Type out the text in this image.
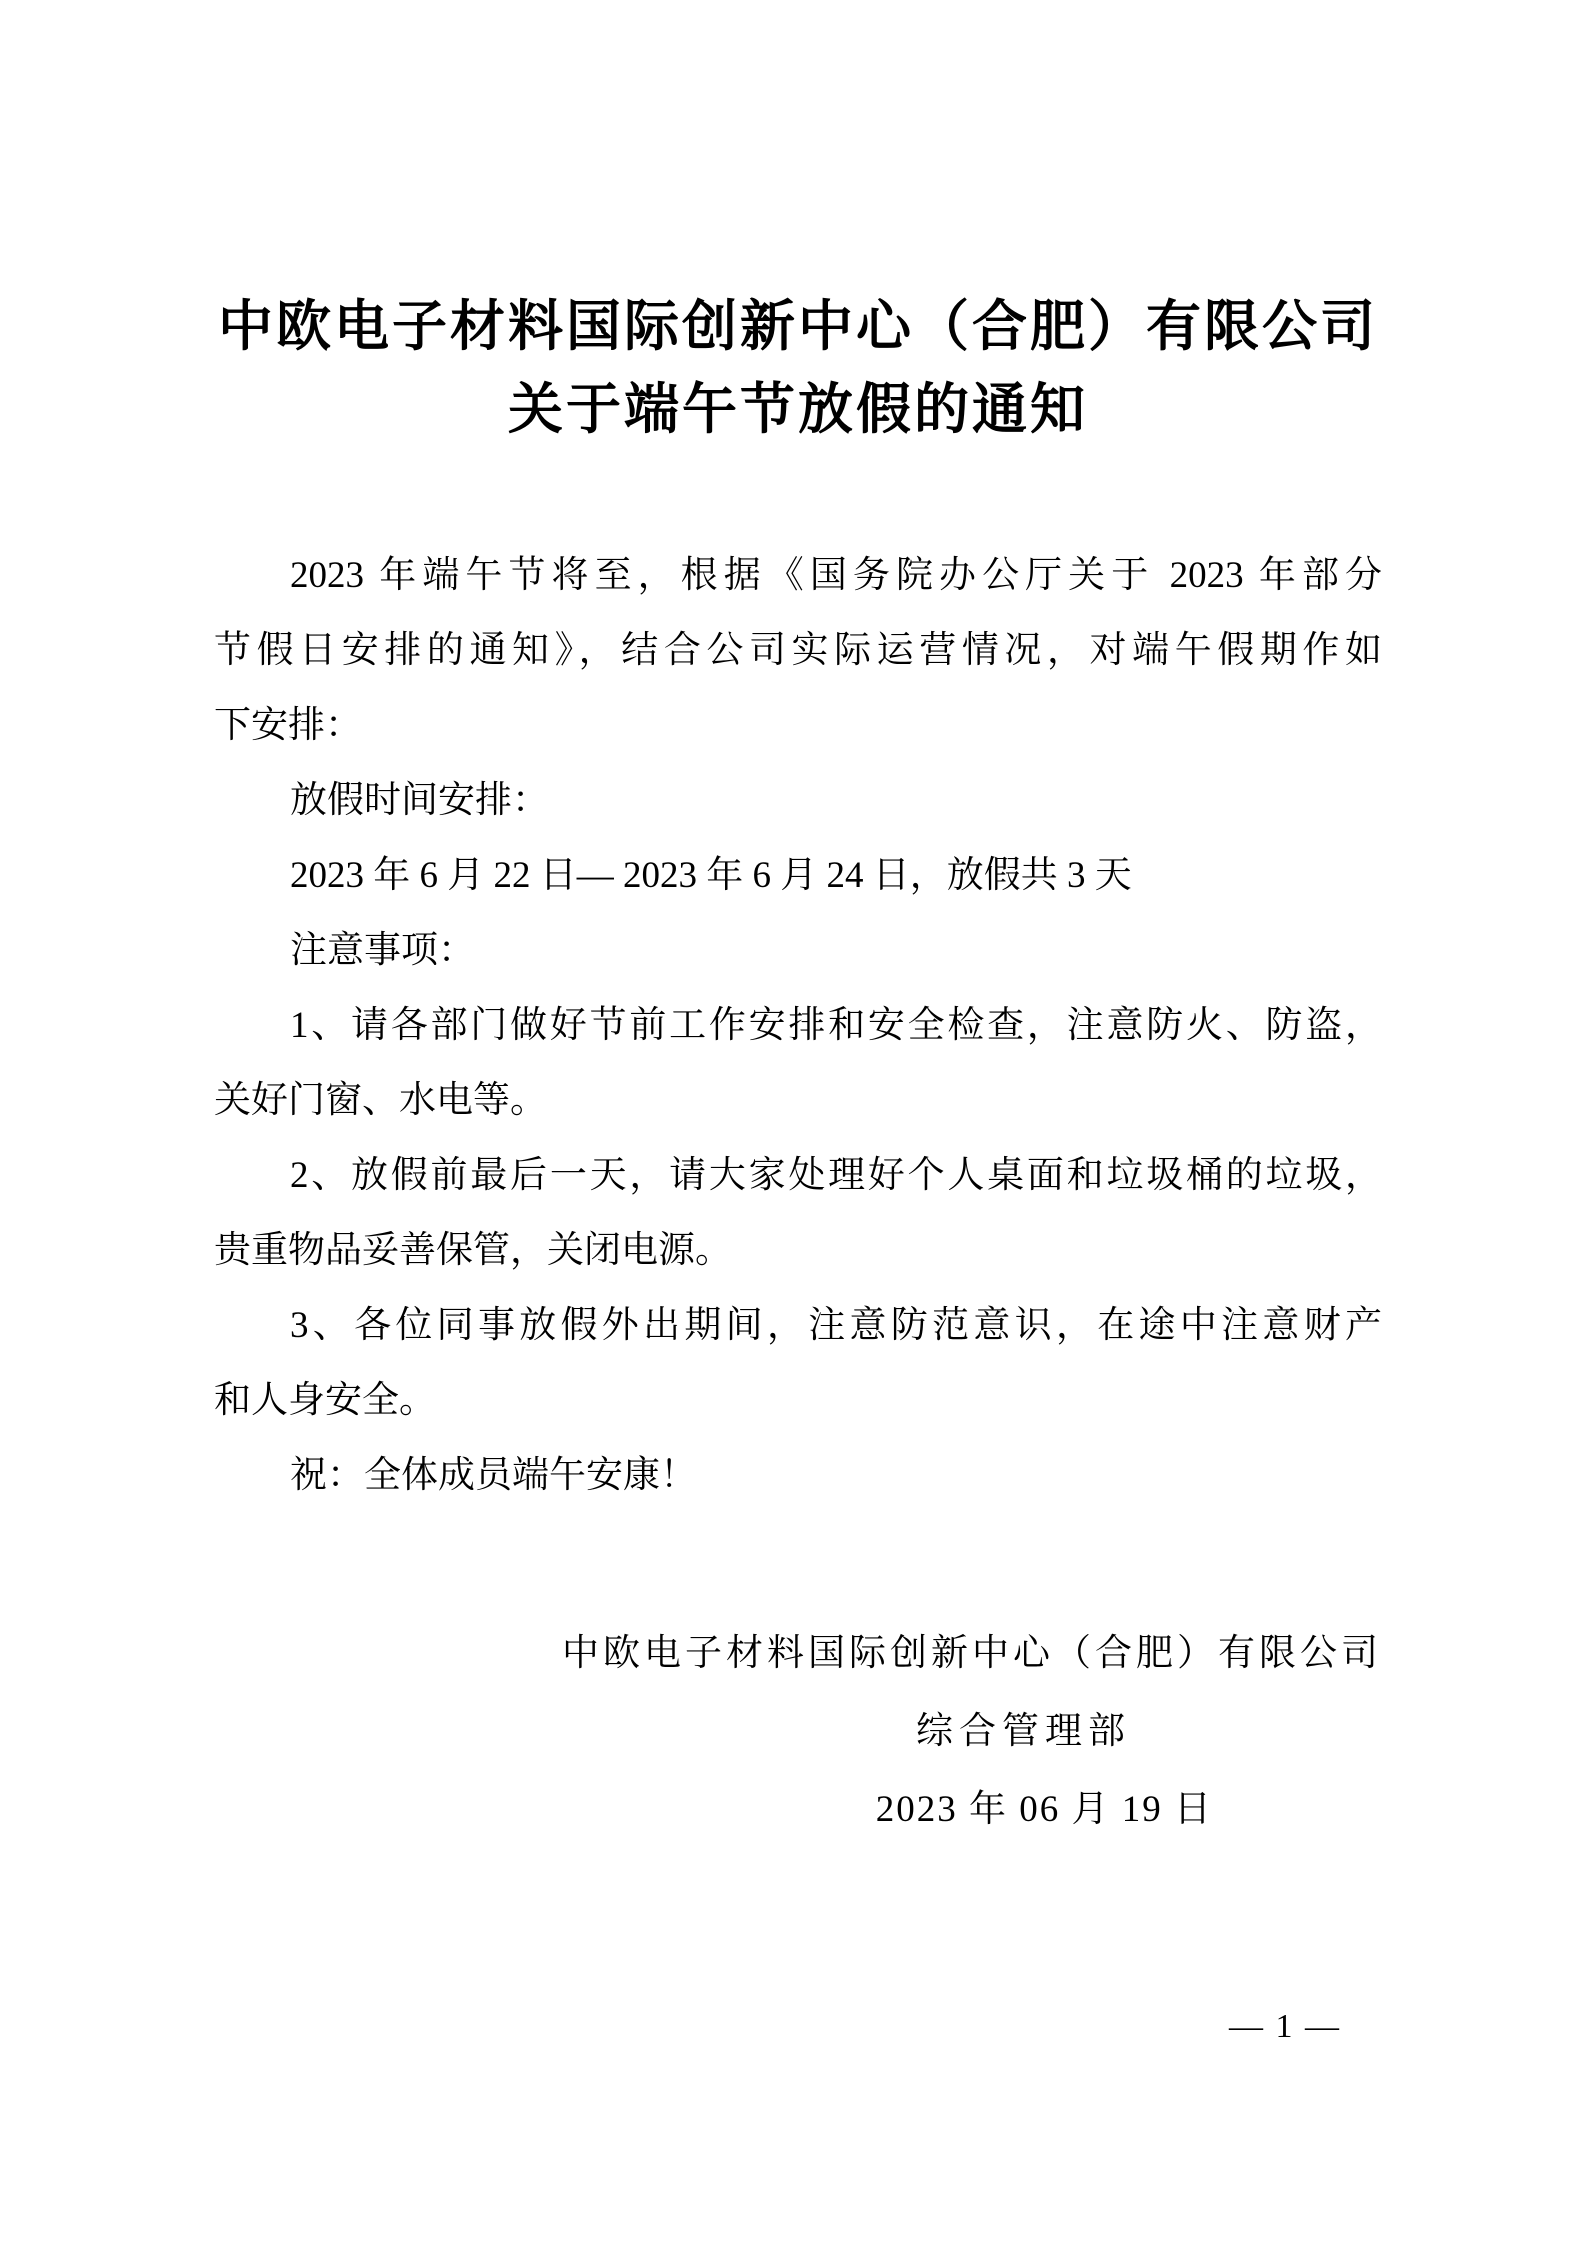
中欧电子材料国际创新中心（合肥）有限公司
关于端午节放假的通知
2023 年端午节将至，根据《国务院办公厅关于 2023 年部分
节假日安排的通知》，结合公司实际运营情况，对端午假期作如
下安排：
放假时间安排：
2023 年 6 月 22 日— 2023 年 6 月 24 日，放假共 3 天
注意事项：
1、请各部门做好节前工作安排和安全检查，注意防火、防盗，
关好门窗、水电等。
2、放假前最后一天，请大家处理好个人桌面和垃圾桶的垃圾，
贵重物品妥善保管，关闭电源。
3、各位同事放假外出期间，注意防范意识，在途中注意财产
和人身安全。
祝：全体成员端午安康！
中欧电子材料国际创新中心（合肥）有限公司
综合管理部
2023 年 06 月 19 日
— 1 —
